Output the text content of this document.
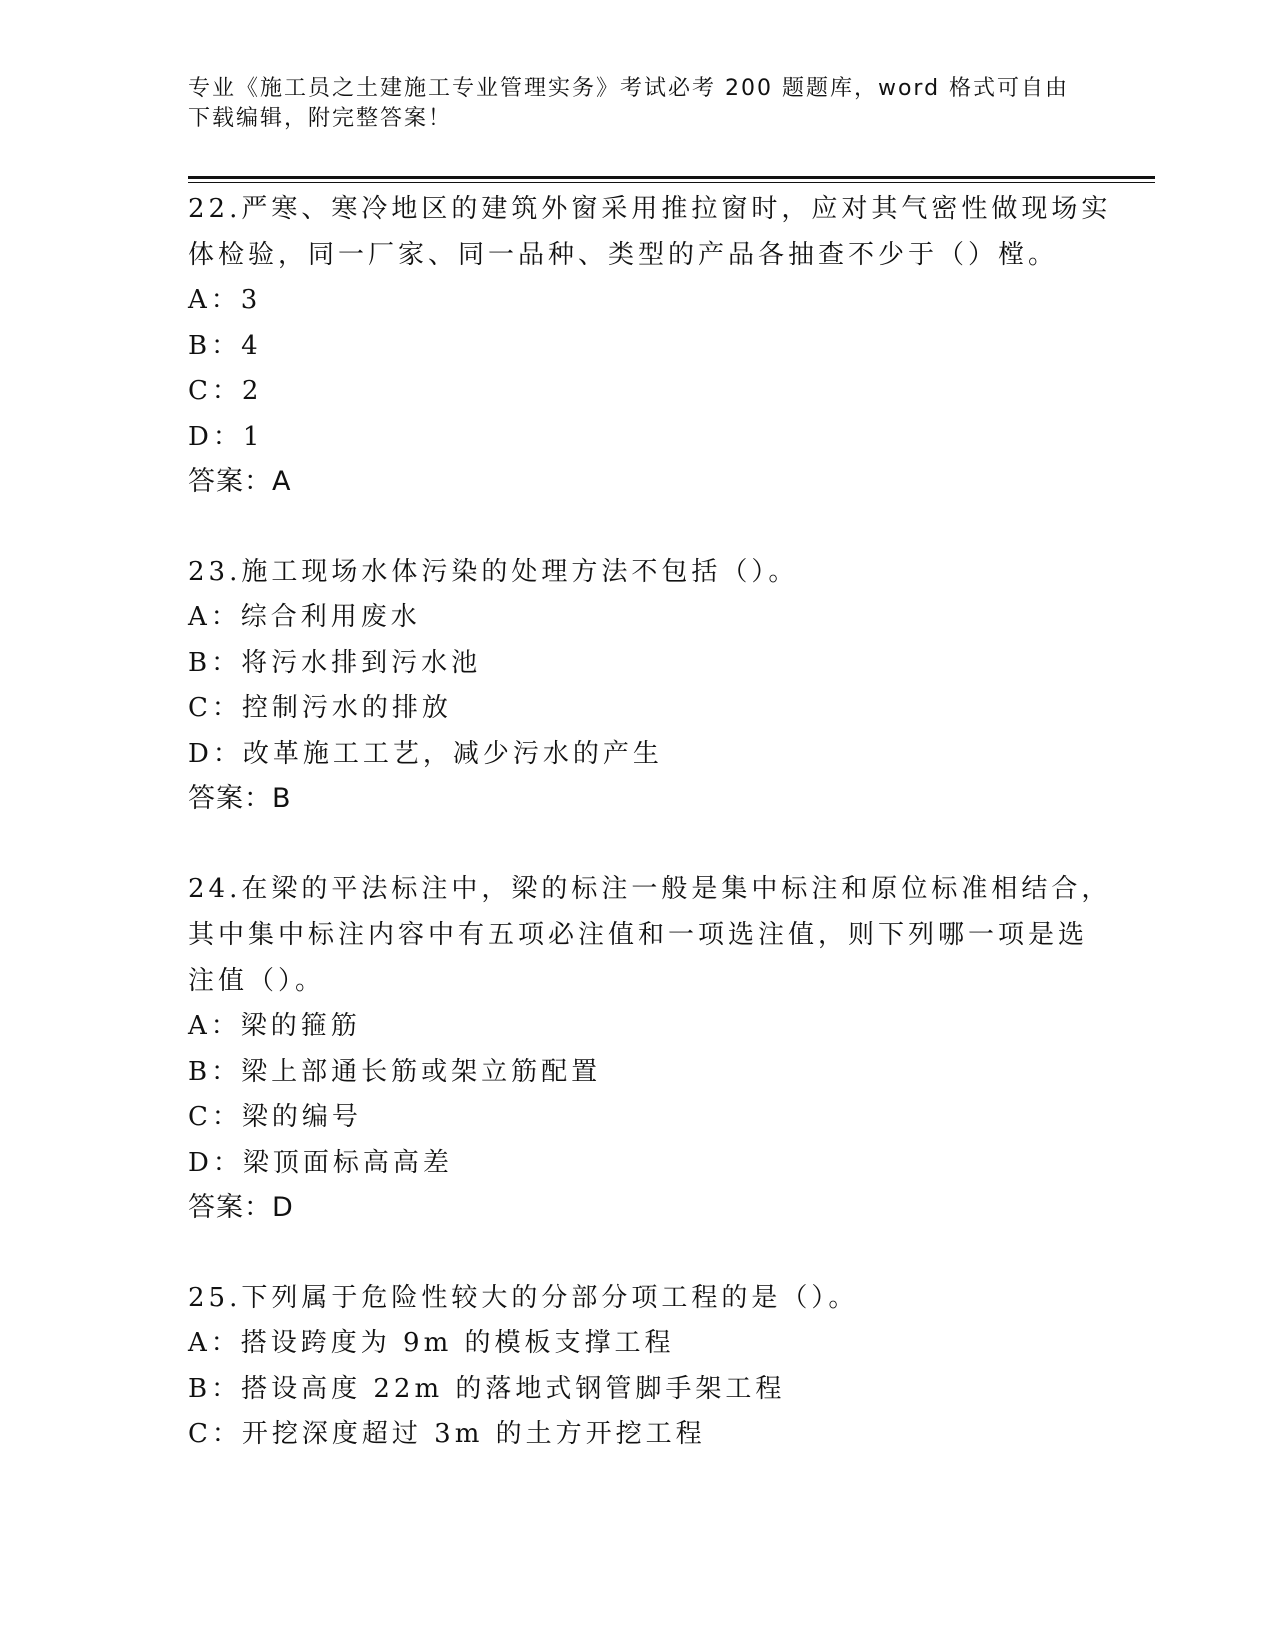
专业《施工员之土建施工专业管理实务》考试必考 200 题题库，word 格式可自由
下载编辑，附完整答案！
22.严寒、寒冷地区的建筑外窗采用推拉窗时，应对其气密性做现场实
体检验，同一厂家、同一品种、类型的产品各抽查不少于（）樘。
A：3
B：4
C：2
D：1
答案：A
23.施工现场水体污染的处理方法不包括（）。
A：综合利用废水
B：将污水排到污水池
C：控制污水的排放
D：改革施工工艺，减少污水的产生
答案：B
24.在梁的平法标注中，梁的标注一般是集中标注和原位标准相结合，
其中集中标注内容中有五项必注值和一项选注值，则下列哪一项是选
注值（）。
A：梁的箍筋
B：梁上部通长筋或架立筋配置
C：梁的编号
D：梁顶面标高高差
答案：D
25.下列属于危险性较大的分部分项工程的是（）。
A：搭设跨度为 9m 的模板支撑工程
B：搭设高度 22m 的落地式钢管脚手架工程
C：开挖深度超过 3m 的土方开挖工程
